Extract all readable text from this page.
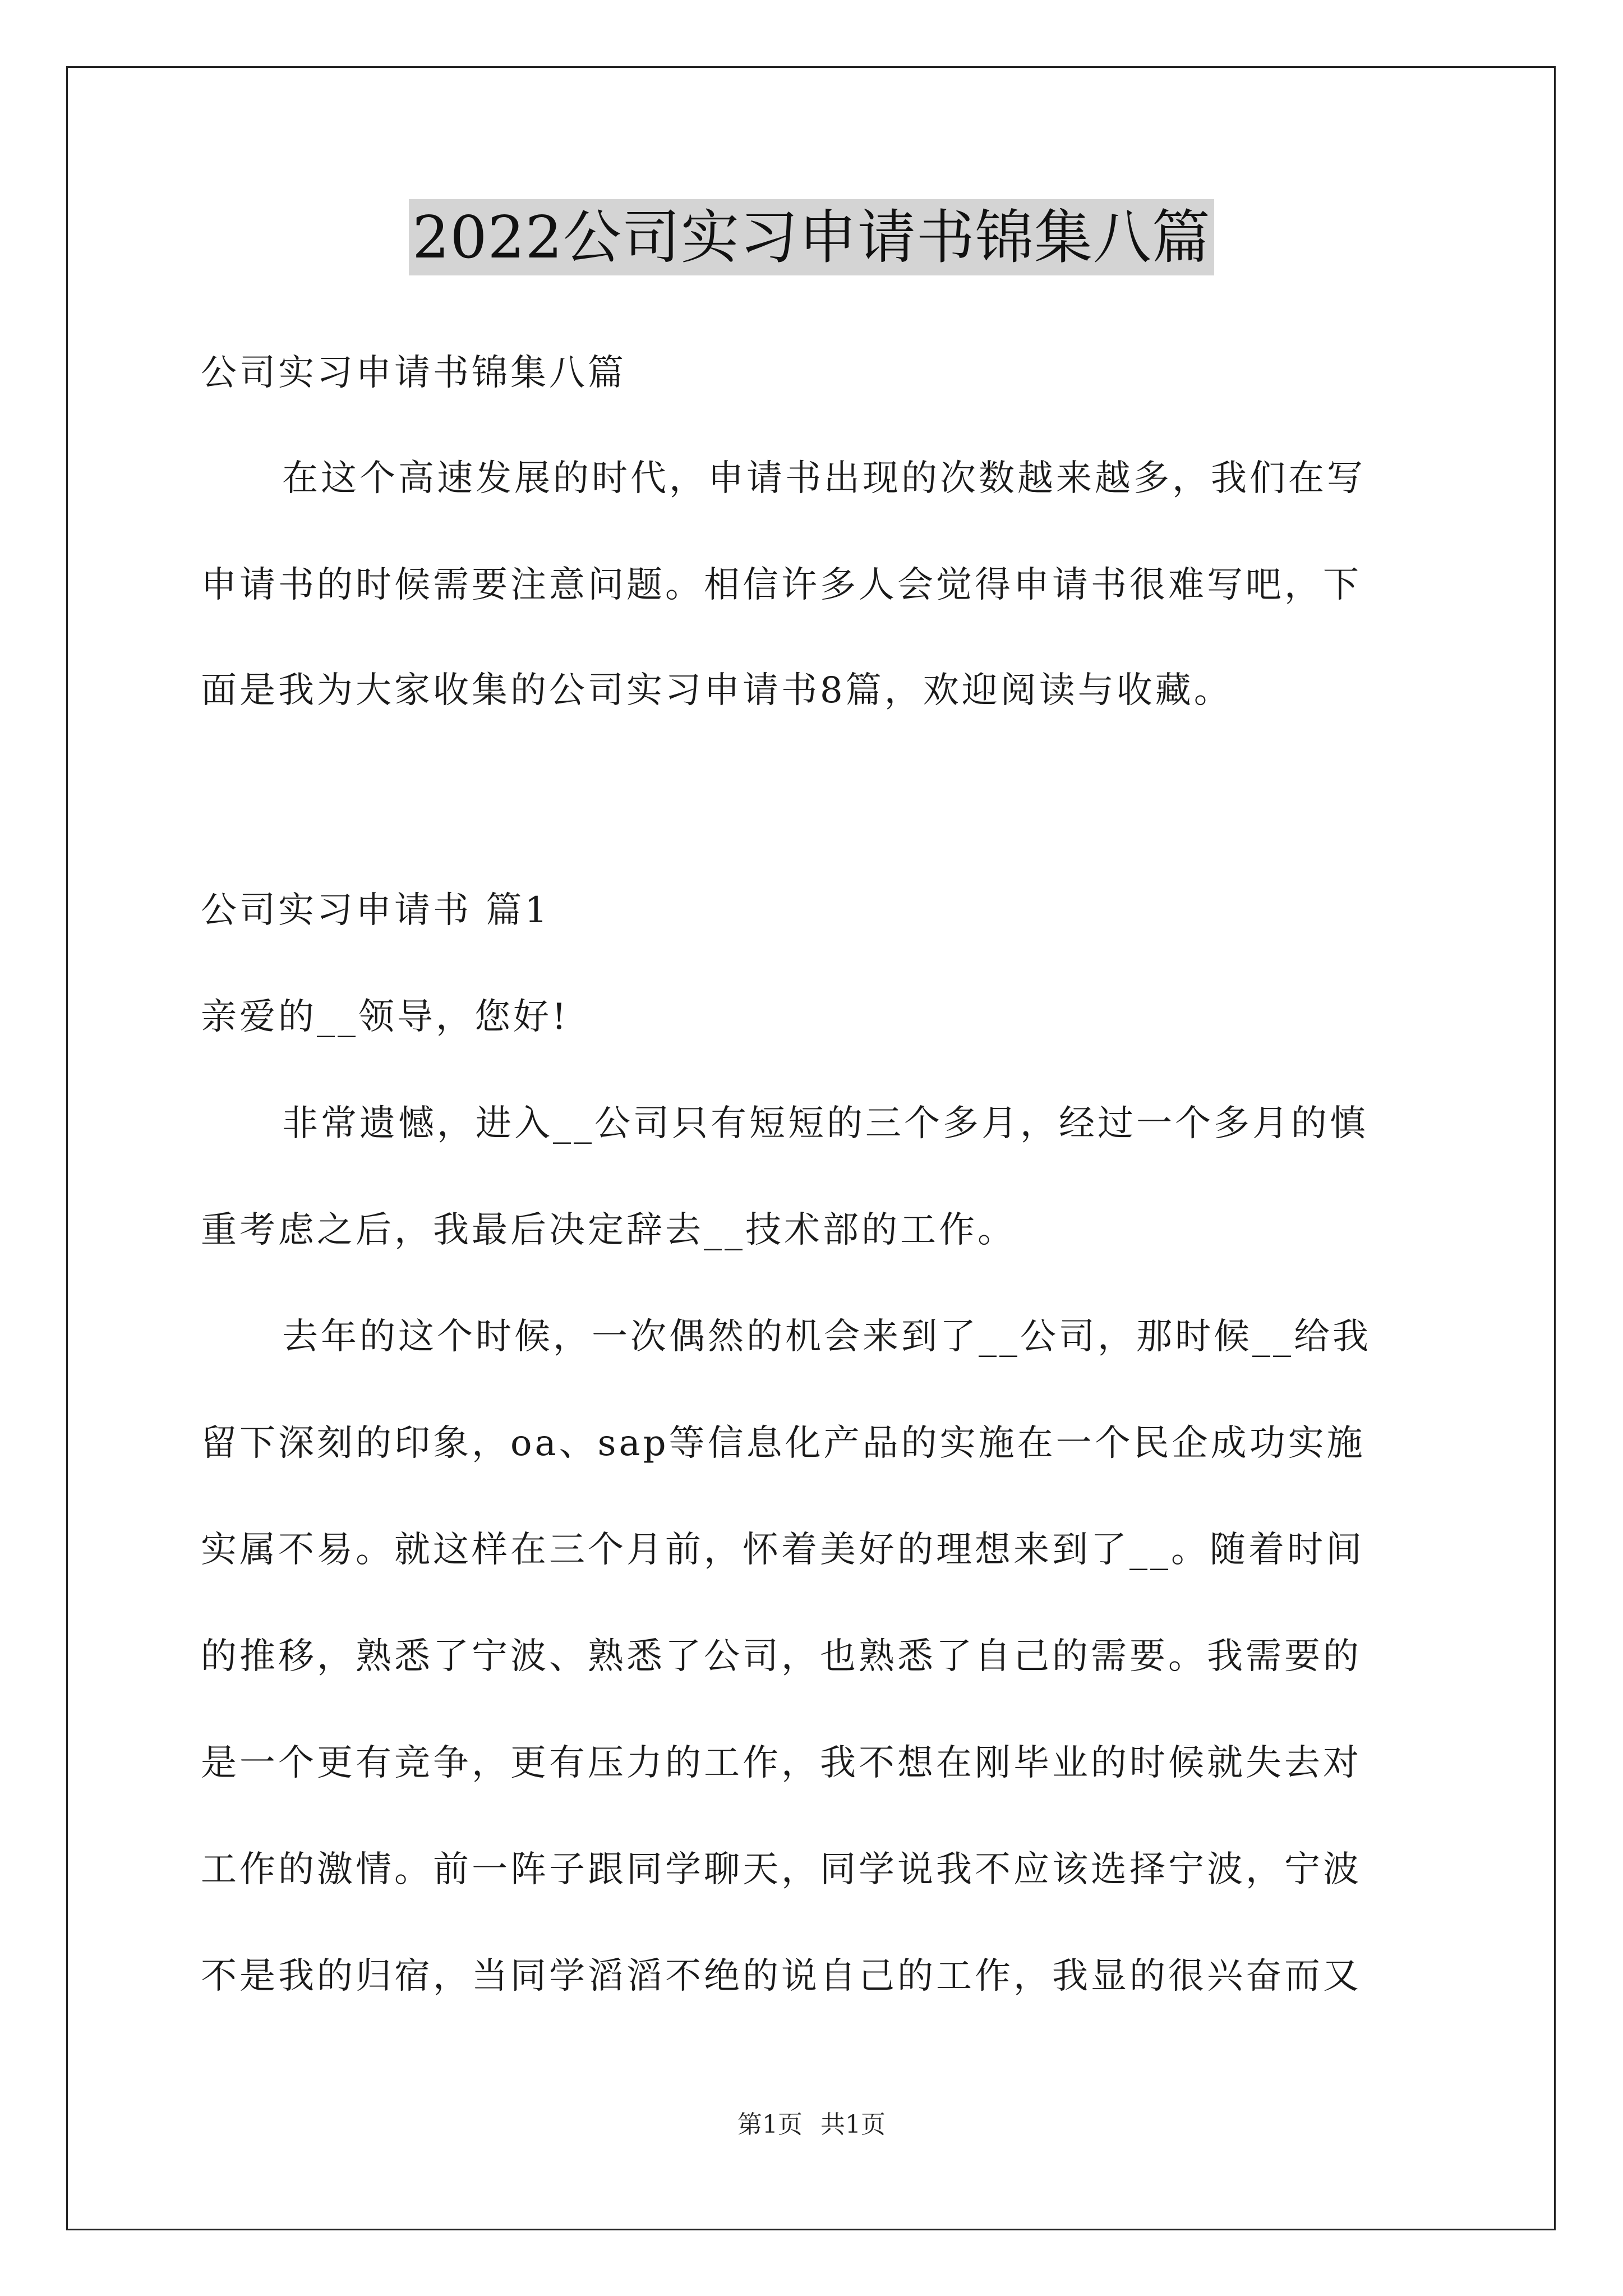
2022公司实习申请书锦集八篇
公司实习申请书锦集八篇
在这个高速发展的时代，申请书出现的次数越来越多，我们在写
申请书的时候需要注意问题。相信许多人会觉得申请书很难写吧，下
面是我为大家收集的公司实习申请书8篇，欢迎阅读与收藏。
公司实习申请书 篇1
亲爱的__领导，您好!
非常遗憾，进入__公司只有短短的三个多月，经过一个多月的慎
重考虑之后，我最后决定辞去__技术部的工作。
去年的这个时候，一次偶然的机会来到了__公司，那时候__给我
留下深刻的印象，oa、sap等信息化产品的实施在一个民企成功实施
实属不易。就这样在三个月前，怀着美好的理想来到了__。随着时间
的推移，熟悉了宁波、熟悉了公司，也熟悉了自己的需要。我需要的
是一个更有竞争，更有压力的工作，我不想在刚毕业的时候就失去对
工作的激情。前一阵子跟同学聊天，同学说我不应该选择宁波，宁波
不是我的归宿，当同学滔滔不绝的说自己的工作，我显的很兴奋而又
第1页 共1页
